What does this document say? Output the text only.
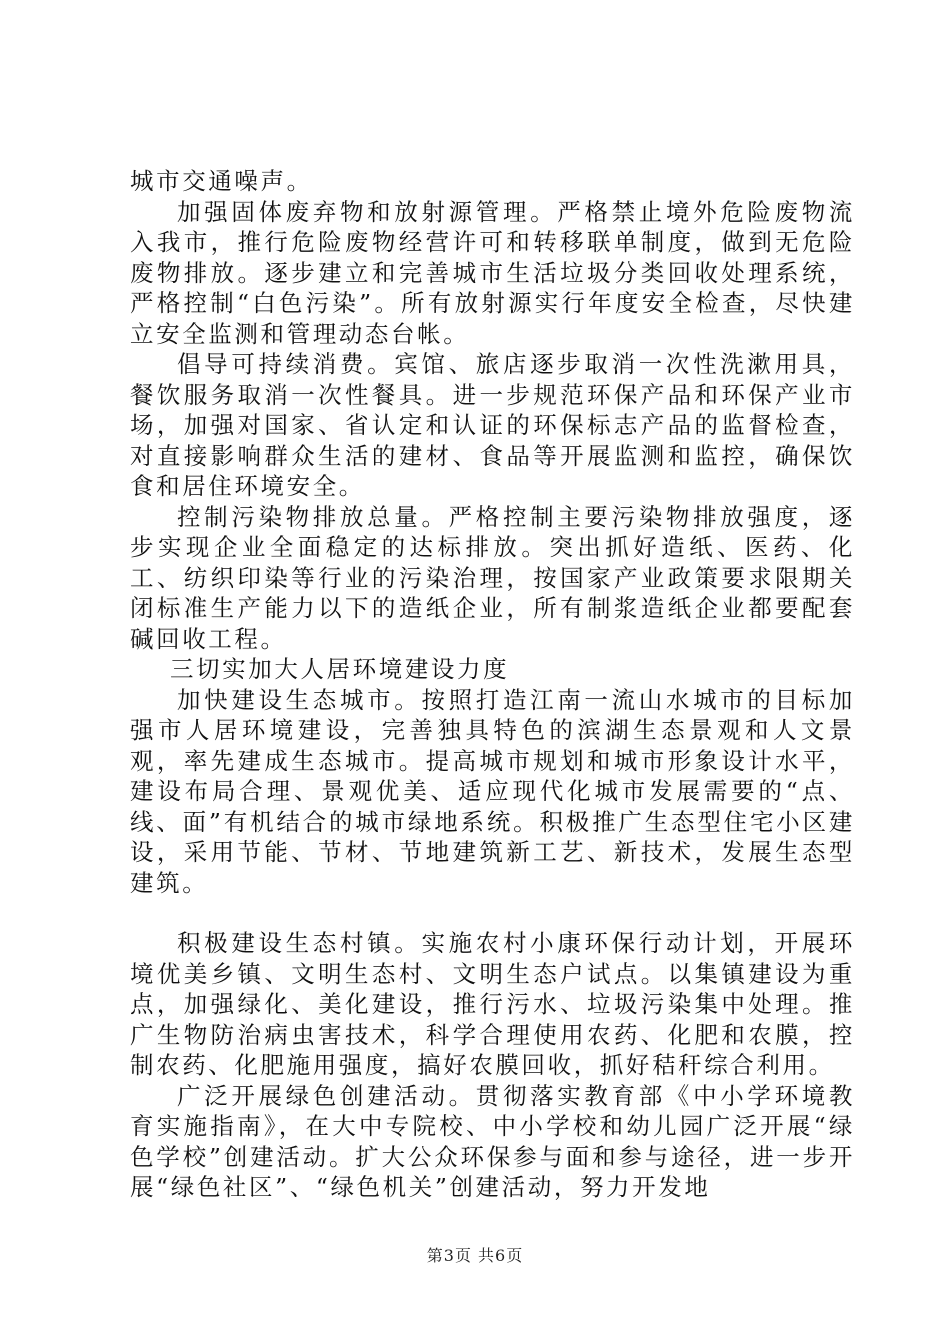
城市交通噪声。

加强固体废弃物和放射源管理。严格禁止境外危险废物流入我市，推行危险废物经营许可和转移联单制度，做到无危险废物排放。逐步建立和完善城市生活垃圾分类回收处理系统，严格控制“白色污染”。所有放射源实行年度安全检查，尽快建立安全监测和管理动态台帐。

倡导可持续消费。宾馆、旅店逐步取消一次性洗漱用具，餐饮服务取消一次性餐具。进一步规范环保产品和环保产业市场，加强对国家、省认定和认证的环保标志产品的监督检查，对直接影响群众生活的建材、食品等开展监测和监控，确保饮食和居住环境安全。

控制污染物排放总量。严格控制主要污染物排放强度，逐步实现企业全面稳定的达标排放。突出抓好造纸、医药、化工、纺织印染等行业的污染治理，按国家产业政策要求限期关闭标准生产能力以下的造纸企业，所有制浆造纸企业都要配套碱回收工程。

三切实加大人居环境建设力度

加快建设生态城市。按照打造江南一流山水城市的目标加强市人居环境建设，完善独具特色的滨湖生态景观和人文景观，率先建成生态城市。提高城市规划和城市形象设计水平，建设布局合理、景观优美、适应现代化城市发展需要的“点、线、面”有机结合的城市绿地系统。积极推广生态型住宅小区建设，采用节能、节材、节地建筑新工艺、新技术，发展生态型建筑。

积极建设生态村镇。实施农村小康环保行动计划，开展环境优美乡镇、文明生态村、文明生态户试点。以集镇建设为重点，加强绿化、美化建设，推行污水、垃圾污染集中处理。推广生物防治病虫害技术，科学合理使用农药、化肥和农膜，控制农药、化肥施用强度，搞好农膜回收，抓好秸秆综合利用。

广泛开展绿色创建活动。贯彻落实教育部《中小学环境教育实施指南》，在大中专院校、中小学校和幼儿园广泛开展“绿色学校”创建活动。扩大公众环保参与面和参与途径，进一步开展“绿色社区”、“绿色机关”创建活动，努力开发地

第3页 共6页
